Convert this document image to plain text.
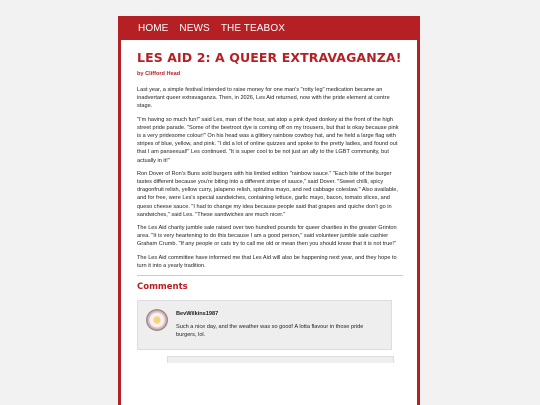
HOME NEWS THE TEABOX
LES AID 2: A QUEER EXTRAVAGANZA!

by Clifford Head

Last year, a simple festival intended to raise money for one man's "rotty leg" medication became an inadvertant queer extravaganza. Then, in 2026, Les Aid returned, now with the pride element at centre stage.

"I'm having so much fun!" said Les, man of the hour, sat atop a pink dyed donkey at the front of the high street pride parade. "Some of the beetroot dye is coming off on my trousers, but that is okay because pink is a very pridesome colour!" On his head was a glittery rainbow cowboy hat, and he held a large flag with stripes of blue, yellow, and pink. "I did a lot of online quizzes and spoke to the pretty ladies, and found out that I am pansexual!" Les continued. "It is super cool to be not just an ally to the LGBT community, but actually in it!"

Ron Dover of Ron's Buns sold burgers with his limited edition "rainbow sauce." "Each bite of the burger tastes different because you're biting into a different stripe of sauce," said Dover. "Sweet chilli, spicy dragonfruit relish, yellow curry, jalapeno relish, spirulina mayo, and red cabbage coleslaw." Also available, and for free, were Les's special sandwiches, containing lettuce, garlic mayo, bacon, tomato slices, and queso cheese sauce. "I had to change my idea because people said that grapes and quiche don't go in sandwiches," said Les. "These sandwiches are much nicer."

The Les Aid charity jumble sale raised over two hundred pounds for queer charities in the greater Grinton area. "It is very heartening to do this because I am a good person," said volunteer jumble sale cashier Graham Crumb. "If any people or cats try to call me old or mean then you should know that it is not true!"

The Les Aid committee have informed me that Les Aid will also be happening next year, and they hope to turn it into a yearly tradition.

Comments
BevWilkins1987
Such a nice day, and the weather was so good! A lotta flavour in those pride burgers, lol.
